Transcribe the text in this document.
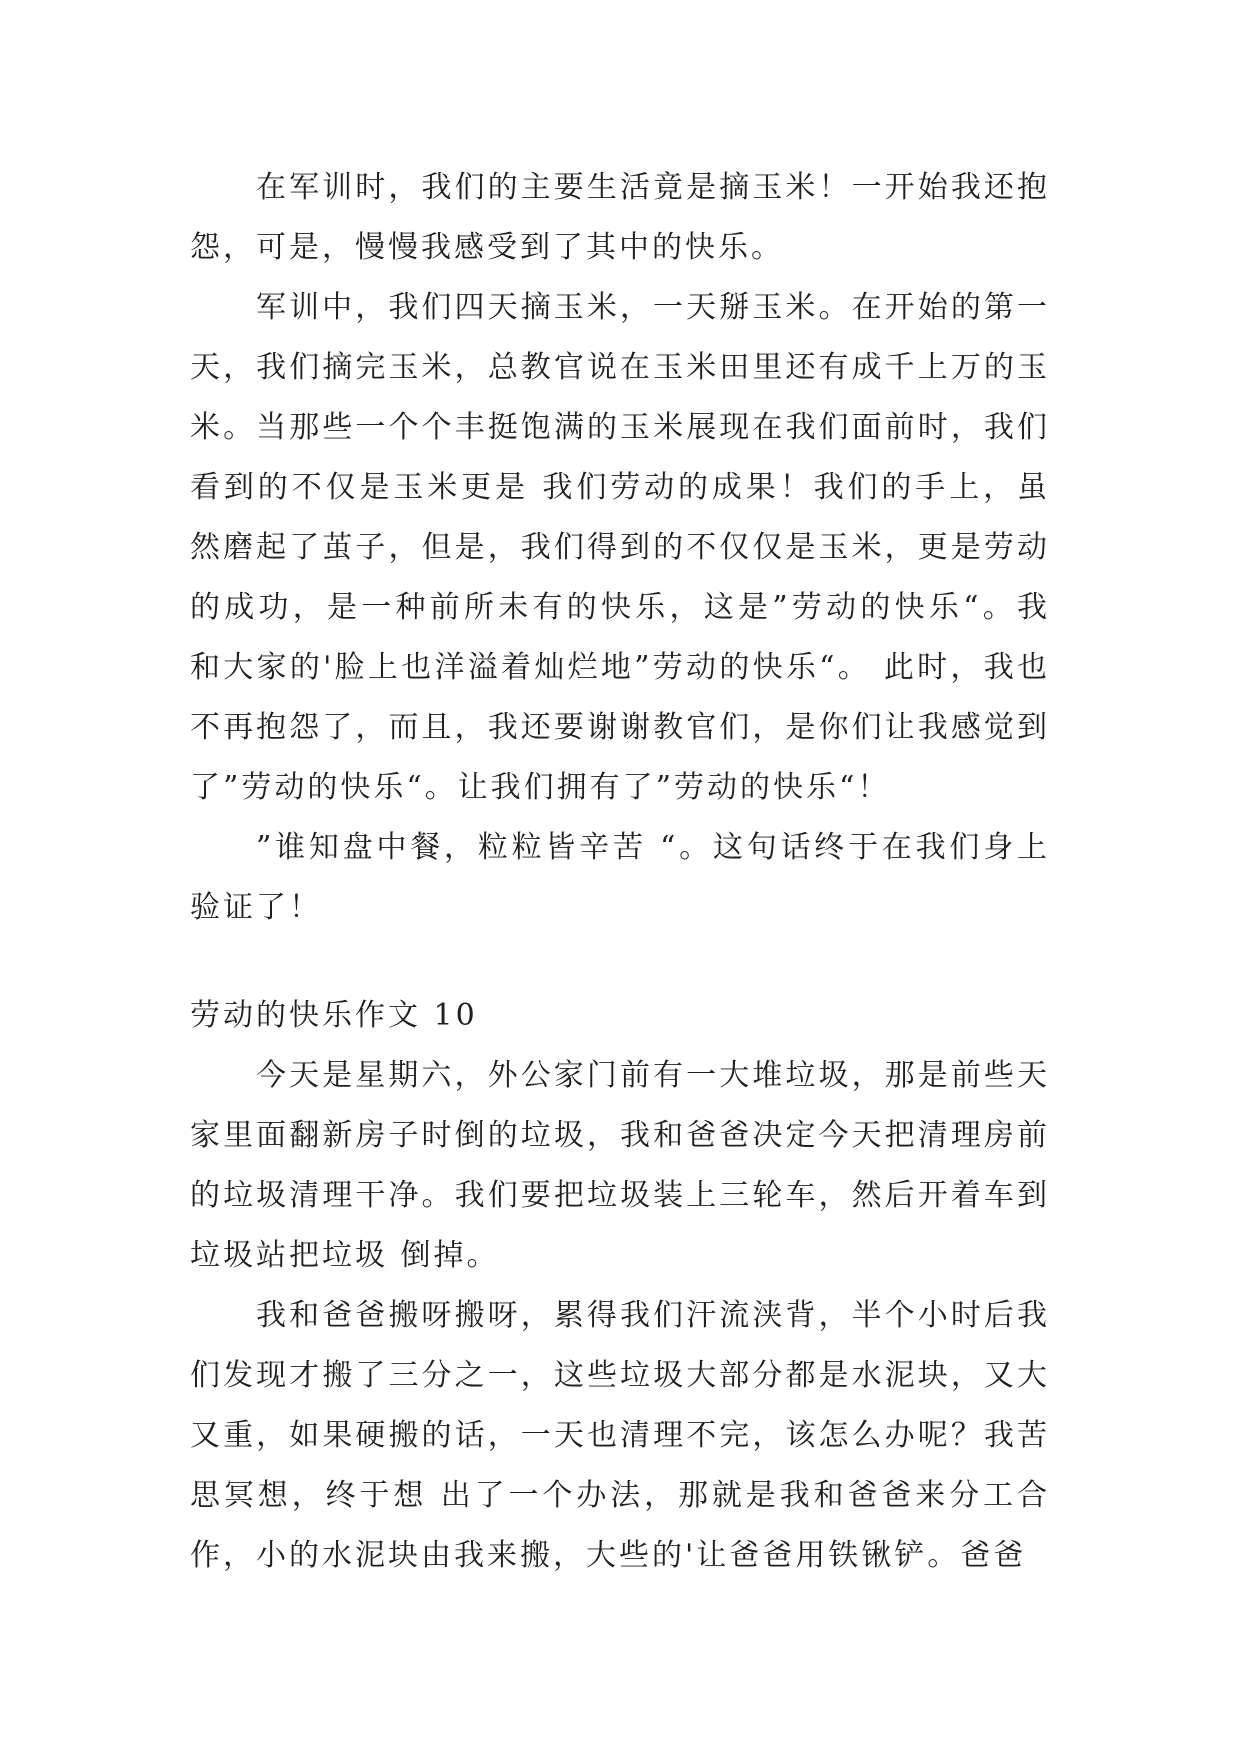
在军训时，我们的主要生活竟是摘玉米！一开始我还抱怨，可是，慢慢我感受到了其中的快乐。

军训中，我们四天摘玉米，一天掰玉米。在开始的第一天，我们摘完玉米，总教官说在玉米田里还有成千上万的玉米。当那些一个个丰挺饱满的玉米展现在我们面前时，我们看到的不仅是玉米更是 我们劳动的成果！我们的手上，虽然磨起了茧子，但是，我们得到的不仅仅是玉米，更是劳动的成功，是一种前所未有的快乐，这是”劳动的快乐“。我和大家的'脸上也洋溢着灿烂地”劳动的快乐“。 此时，我也不再抱怨了，而且，我还要谢谢教官们，是你们让我感觉到了”劳动的快乐“。让我们拥有了”劳动的快乐“！

”谁知盘中餐，粒粒皆辛苦 “。这句话终于在我们身上验证了！

劳动的快乐作文 10

今天是星期六，外公家门前有一大堆垃圾，那是前些天家里面翻新房子时倒的垃圾，我和爸爸决定今天把清理房前的垃圾清理干净。我们要把垃圾装上三轮车，然后开着车到垃圾站把垃圾 倒掉。

我和爸爸搬呀搬呀，累得我们汗流浃背，半个小时后我们发现才搬了三分之一，这些垃圾大部分都是水泥块，又大又重，如果硬搬的话，一天也清理不完，该怎么办呢？我苦思冥想，终于想 出了一个办法，那就是我和爸爸来分工合作，小的水泥块由我来搬，大些的'让爸爸用铁锹铲。爸爸
